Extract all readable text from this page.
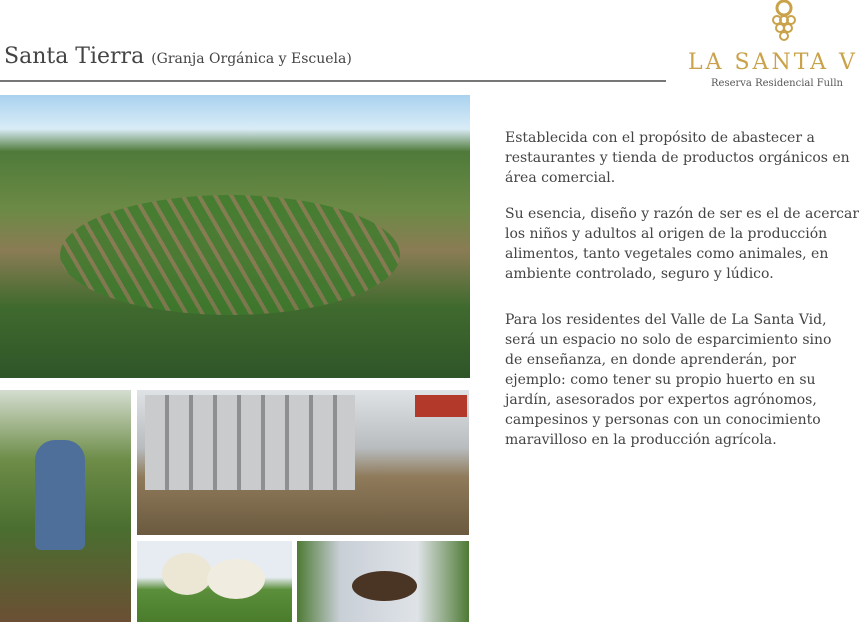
Santa Tierra (Granja Orgánica y Escuela)	LA SANTA V
Reserva Residencial Fulln
Establecida con el propósito de abastecer a
restaurantes y tienda de productos orgánicos en
área comercial.
Su esencia, diseño y razón de ser es el de acercar
los niños y adultos al origen de la producción
alimentos, tanto vegetales como animales, en
ambiente controlado, seguro y lúdico.
Para los residentes del Valle de La Santa Vid,
será un espacio no solo de esparcimiento sino
de enseñanza, en donde aprenderán, por
ejemplo: como tener su propio huerto en su
jardín, asesorados por expertos agrónomos,
campesinos y personas con un conocimiento
maravilloso en la producción agrícola.
